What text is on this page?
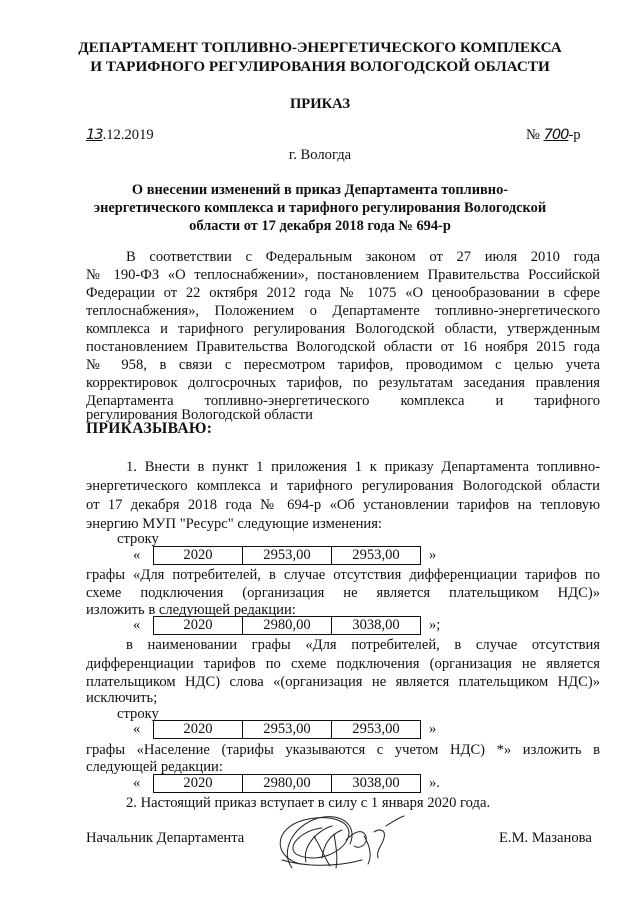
ДЕПАРТАМЕНТ ТОПЛИВНО-ЭНЕРГЕТИЧЕСКОГО КОМПЛЕКСА
И ТАРИФНОГО РЕГУЛИРОВАНИЯ ВОЛОГОДСКОЙ ОБЛАСТИ
ПРИКАЗ
13.12.2019	№ 700-р
г. Вологда
О внесении изменений в приказ Департамента топливно-
энергетического комплекса и тарифного регулирования Вологодской
области от 17 декабря 2018 года № 694-р
В соответствии с Федеральным законом от 27 июля 2010 года
№ 190-ФЗ «О теплоснабжении», постановлением Правительства Российской
Федерации от 22 октября 2012 года № 1075 «О ценообразовании в сфере
теплоснабжения», Положением о Департаменте топливно-энергетического
комплекса и тарифного регулирования Вологодской области, утвержденным
постановлением Правительства Вологодской области от 16 ноября 2015 года
№ 958, в связи с пересмотром тарифов, проводимом с целью учета
корректировок долгосрочных тарифов, по результатам заседания правления
Департамента топливно-энергетического комплекса и тарифного
регулирования Вологодской области
ПРИКАЗЫВАЮ:
1. Внести в пункт 1 приложения 1 к приказу Департамента топливно-
энергетического комплекса и тарифного регулирования Вологодской области
от 17 декабря 2018 года № 694-р «Об установлении тарифов на тепловую
энергию МУП "Ресурс" следующие изменения:
строку
«	2020	2953,00	2953,00	»
графы «Для потребителей, в случае отсутствия дифференциации тарифов по
схеме подключения (организация не является плательщиком НДС)»
изложить в следующей редакции:
«	2020	2980,00	3038,00	»;
в наименовании графы «Для потребителей, в случае отсутствия
дифференциации тарифов по схеме подключения (организация не является
плательщиком НДС) слова «(организация не является плательщиком НДС)»
исключить;
строку
«	2020	2953,00	2953,00	»
графы «Население (тарифы указываются с учетом НДС) *» изложить в
следующей редакции:
«	2020	2980,00	3038,00	».
2. Настоящий приказ вступает в силу с 1 января 2020 года.
Начальник Департамента	Е.М. Мазанова
